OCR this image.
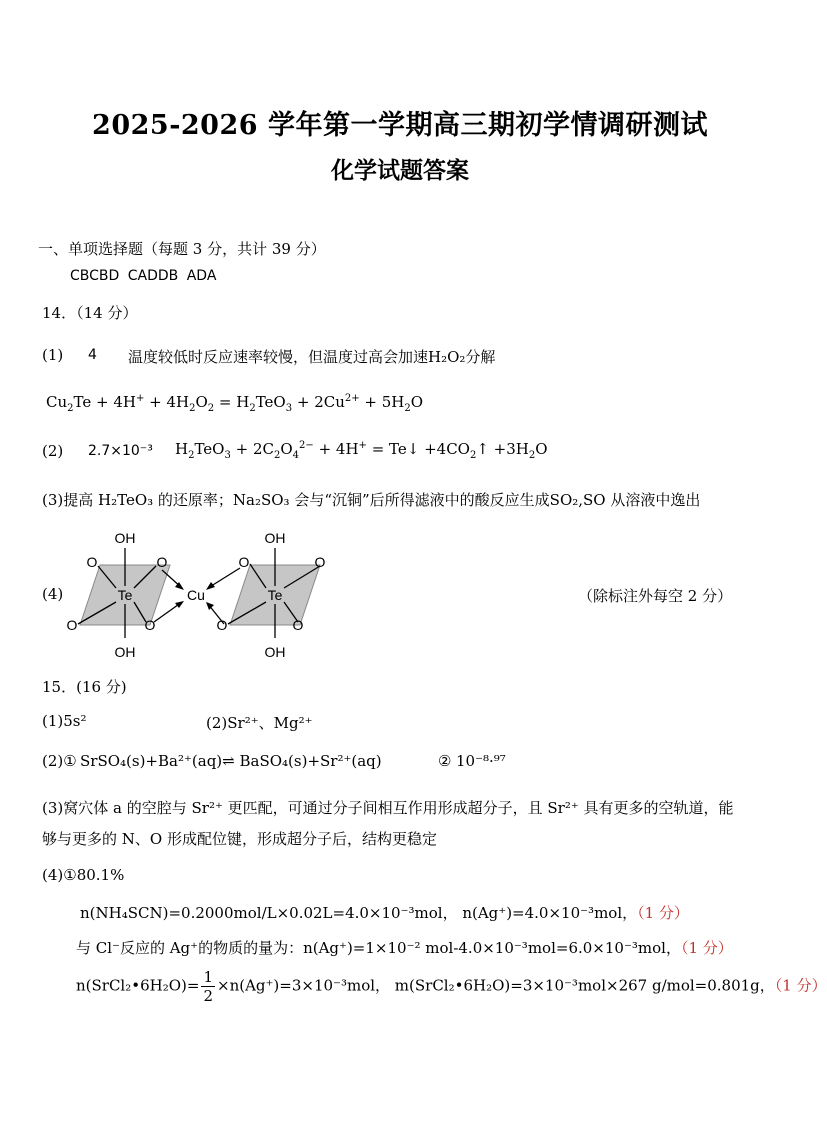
2025-2026 学年第一学期高三期初学情调研测试
化学试题答案
一、单项选择题（每题 3 分，共计 39 分）
CBCBD CADDB ADA
14．（14 分）
(1) 4 温度较低时反应速率较慢，但温度过高会加速H₂O₂分解
$Cu_2Te + 4H^+ + 4H_2O_2 = H_2TeO_3 + 2Cu^{2+} + 5H_2O$
(2) 2.7×10⁻³ $H_2TeO_3 + 2C_2O_4^{2-} + 4H^+$ = Te↓ $+4CO_2↑ +3H_2O$
(3)提高 H₂TeO₃ 的还原率；Na₂SO₃ 会与“沉铜”后所得滤液中的酸反应生成SO₂,SO 从溶液中逸出
(4)	（除标注外每空 2 分）
OH
OH
O	O
O	O
Te	Cu
OH
OH
O	O
O	O
Te
15．(16 分)
(1)5s²	(2)Sr²⁺、Mg²⁺
(2)① SrSO₄(s)+Ba²⁺(aq)⇌ BaSO₄(s)+Sr²⁺(aq)	② 10⁻⁸·⁹⁷
(3)窝穴体 a 的空腔与 Sr²⁺ 更匹配，可通过分子间相互作用形成超分子，且 Sr²⁺ 具有更多的空轨道，能
够与更多的 N、O 形成配位键，形成超分子后，结构更稳定
(4)①80.1%
n(NH₄SCN)=0.2000mol/L×0.02L=4.0×10⁻³mol， n(Ag⁺)=4.0×10⁻³mol，（1 分）
与 Cl⁻反应的 Ag⁺的物质的量为：n(Ag⁺)=1×10⁻² mol-4.0×10⁻³mol=6.0×10⁻³mol，（1 分）
n(SrCl₂•6H₂O)= $\frac{1}{2} \times n(Ag^+)=3\times 10^{-3}mol$， m(SrCl₂•6H₂O)=3×10⁻³mol×267 g/mol=0.801g，（1 分）
